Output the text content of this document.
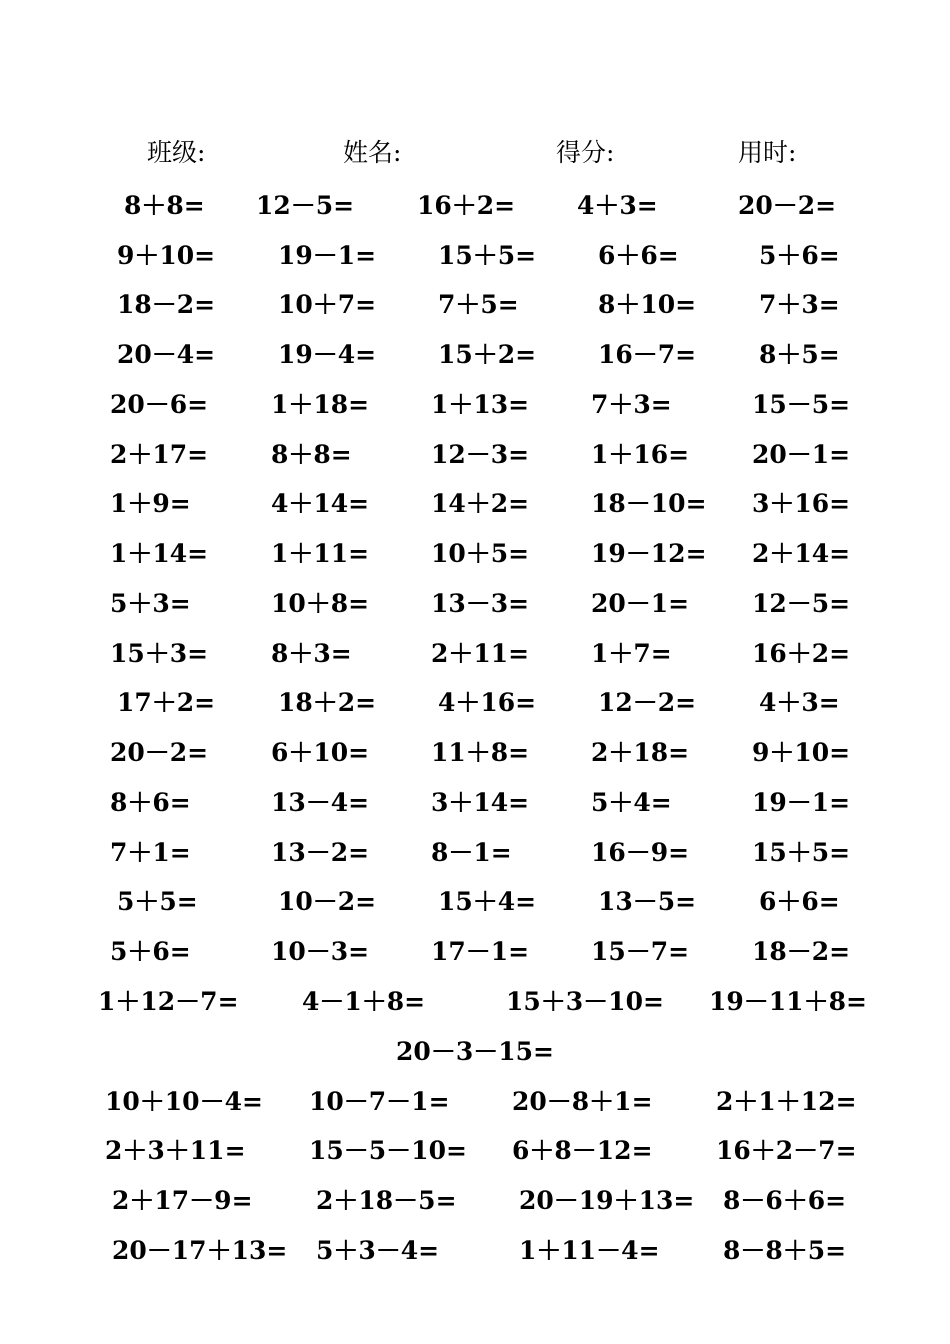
班级:	姓名:	得分:	用时:
8＋8= 12－5=	16＋2= 4＋3=	20－2=
9＋10=	19－1= 15＋5= 6＋6=	5＋6=
18－2=	10＋7= 7＋5=	8＋10=	7＋3=
20－4=	19－4= 15＋2= 16－7=	8＋5=
20－6=	1＋18= 1＋13= 7＋3=	15－5=
2＋17=	8＋8=	12－3= 1＋16=	20－1=
1＋9=	4＋14= 14＋2= 18－10= 3＋16=
1＋14=	1＋11= 10＋5= 19－12= 2＋14=
5＋3=	10＋8= 13－3= 20－1=	12－5=
15＋3=	8＋3=	2＋11= 1＋7=	16＋2=
17＋2=	18＋2= 4＋16= 12－2=	4＋3=
20－2=	6＋10= 11＋8= 2＋18=	9＋10=
8＋6=	13－4= 3＋14= 5＋4=	19－1=
7＋1=	13－2= 8－1=	16－9=	15＋5=
5＋5=	10－2= 15＋4= 13－5=	6＋6=
5＋6=	10－3= 17－1= 15－7=	18－2=
1＋12－7=	4－1＋8=	15＋3－10= 19－11＋8=
20－3－15=
10＋10－4= 10－7－1= 20－8＋1=	2＋1＋12=
2＋3＋11=	15－5－10= 6＋8－12=	16＋2－7=
2＋17－9=	2＋18－5= 20－19＋13= 8－6＋6=
20－17＋13= 5＋3－4=	1＋11－4=	8－8＋5=
